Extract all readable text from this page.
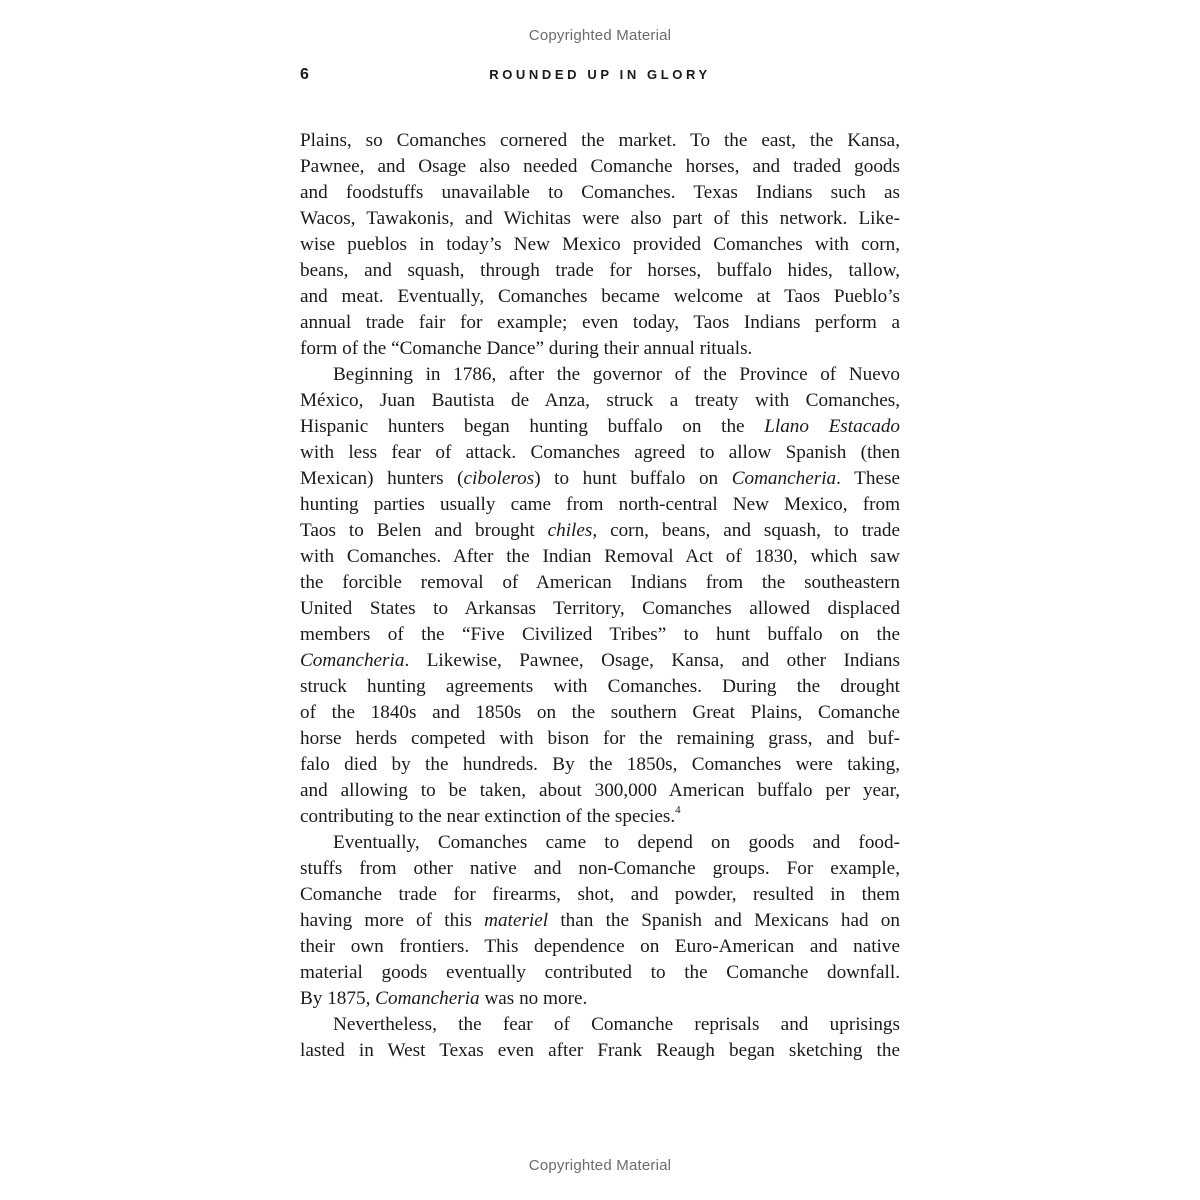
Copyrighted Material
6	ROUNDED UP IN GLORY

Plains, so Comanches cornered the market. To the east, the Kansa,
Pawnee, and Osage also needed Comanche horses, and traded goods
and foodstuffs unavailable to Comanches. Texas Indians such as
Wacos, Tawakonis, and Wichitas were also part of this network. Like-
wise pueblos in today’s New Mexico provided Comanches with corn,
beans, and squash, through trade for horses, buffalo hides, tallow,
and meat. Eventually, Comanches became welcome at Taos Pueblo’s
annual trade fair for example; even today, Taos Indians perform a
form of the “Comanche Dance” during their annual rituals.

Beginning in 1786, after the governor of the Province of Nuevo
México, Juan Bautista de Anza, struck a treaty with Comanches,
Hispanic hunters began hunting buffalo on the Llano Estacado
with less fear of attack. Comanches agreed to allow Spanish (then
Mexican) hunters (ciboleros) to hunt buffalo on Comancheria. These
hunting parties usually came from north-central New Mexico, from
Taos to Belen and brought chiles, corn, beans, and squash, to trade
with Comanches. After the Indian Removal Act of 1830, which saw
the forcible removal of American Indians from the southeastern
United States to Arkansas Territory, Comanches allowed displaced
members of the “Five Civilized Tribes” to hunt buffalo on the
Comancheria. Likewise, Pawnee, Osage, Kansa, and other Indians
struck hunting agreements with Comanches. During the drought
of the 1840s and 1850s on the southern Great Plains, Comanche
horse herds competed with bison for the remaining grass, and buf-
falo died by the hundreds. By the 1850s, Comanches were taking,
and allowing to be taken, about 300,000 American buffalo per year,
contributing to the near extinction of the species.$^4$

Eventually, Comanches came to depend on goods and food-
stuffs from other native and non-Comanche groups. For example,
Comanche trade for firearms, shot, and powder, resulted in them
having more of this materiel than the Spanish and Mexicans had on
their own frontiers. This dependence on Euro-American and native
material goods eventually contributed to the Comanche downfall.
By 1875, Comancheria was no more.

Nevertheless, the fear of Comanche reprisals and uprisings
lasted in West Texas even after Frank Reaugh began sketching the

Copyrighted Material
